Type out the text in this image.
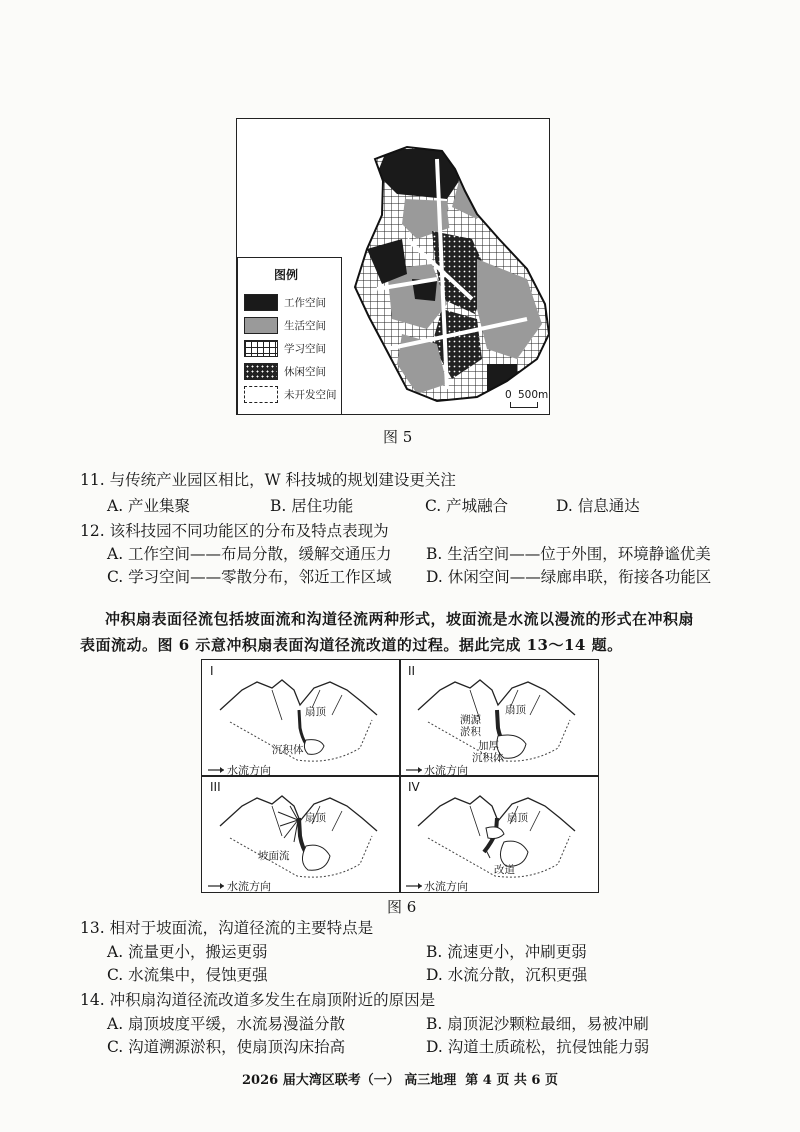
图例
工作空间
生活空间
学习空间
休闲空间
未开发空间	0 500m
图 5
11. 与传统产业园区相比，W 科技城的规划建设更关注
A. 产业集聚	B. 居住功能	C. 产城融合	D. 信息通达
12. 该科技园不同功能区的分布及特点表现为
A. 工作空间——布局分散，缓解交通压力 B. 生活空间——位于外围，环境静谧优美
C. 学习空间——零散分布，邻近工作区域 D. 休闲空间——绿廊串联，衔接各功能区
冲积扇表面径流包括坡面流和沟道径流两种形式，坡面流是水流以漫流的形式在冲积扇
表面流动。图 6 示意冲积扇表面沟道径流改道的过程。据此完成 13～14 题。
I
扇顶
沉积体
水流方向
II
溯源
淤积
扇顶
加厚
沉积体
水流方向
III
扇顶
坡面流
水流方向
IV
扇顶
改道
水流方向
图 6
13. 相对于坡面流，沟道径流的主要特点是
A. 流量更小，搬运更弱	B. 流速更小，冲刷更弱
C. 水流集中，侵蚀更强	D. 水流分散，沉积更强
14. 冲积扇沟道径流改道多发生在扇顶附近的原因是
A. 扇顶坡度平缓，水流易漫溢分散	B. 扇顶泥沙颗粒最细，易被冲刷
C. 沟道溯源淤积，使扇顶沟床抬高	D. 沟道土质疏松，抗侵蚀能力弱
2026 届大湾区联考（一） 高三地理  第 4 页 共 6 页
